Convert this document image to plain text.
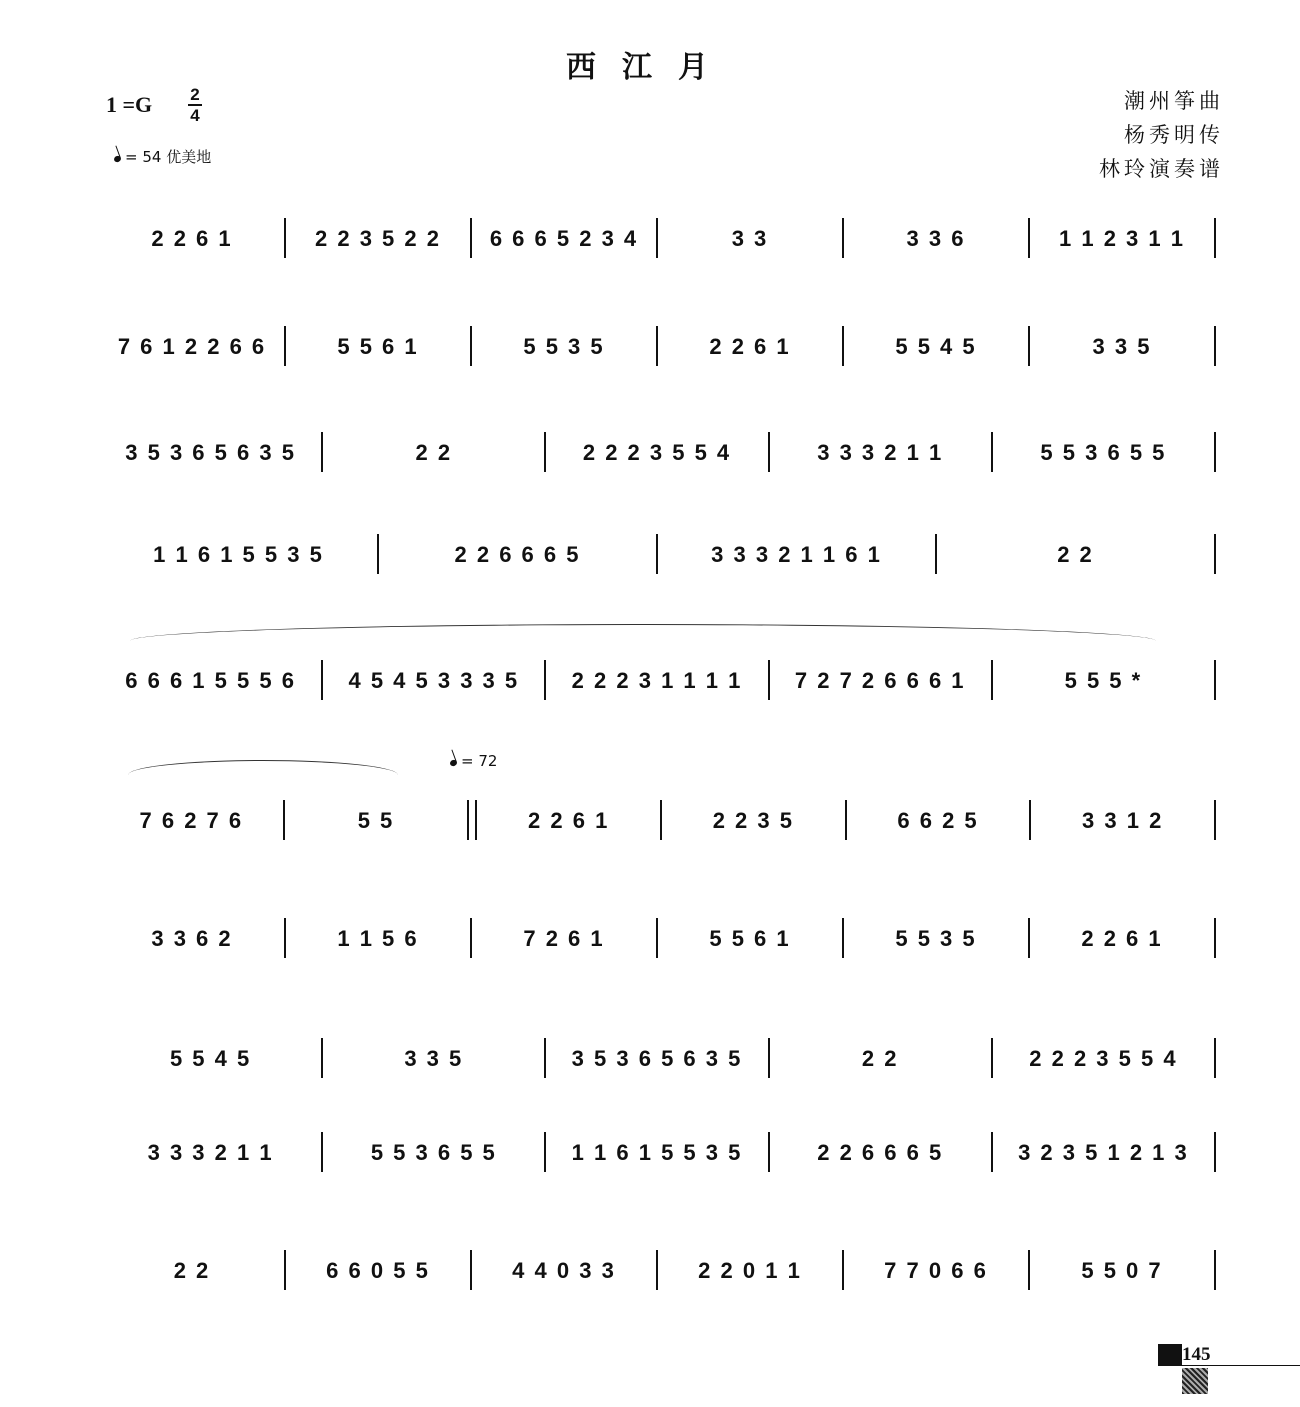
西江月
1 =G 2
4
= 54 优美地
潮州筝曲
杨秀明传
林玲演奏谱
2 2 6 1	2 2 3 5 2 2	6 6 6 5 2 3 4	3 3	3 3 6	1 1 2 3 1 1
7 6 1 2 2 6 6	5 5 6 1	5 5 3 5	2 2 6 1	5 5 4 5	3 3 5
3 5 3 6 5 6 3 5	2 2	2 2 2 3 5 5 4	3 3 3 2 1 1	5 5 3 6 5 5
1 1 6 1 5 5 3 5	2 2 6 6 6 5	3 3 3 2 1 1 6 1	2 2
6 6 6 1 5 5 5 6	4 5 4 5 3 3 3 5	2 2 2 3 1 1 1 1	7 2 7 2 6 6 6 1	5 5 5 *
= 72
7 6 2 7 6	5 5	2 2 6 1	2 2 3 5	6 6 2 5	3 3 1 2
3 3 6 2	1 1 5 6	7 2 6 1	5 5 6 1	5 5 3 5	2 2 6 1
5 5 4 5	3 3 5	3 5 3 6 5 6 3 5	2 2	2 2 2 3 5 5 4
3 3 3 2 1 1	5 5 3 6 5 5	1 1 6 1 5 5 3 5	2 2 6 6 6 5	3 2 3 5 1 2 1 3
2 2	6 6 0 5 5	4 4 0 3 3	2 2 0 1 1	7 7 0 6 6	5 5 0 7
145
